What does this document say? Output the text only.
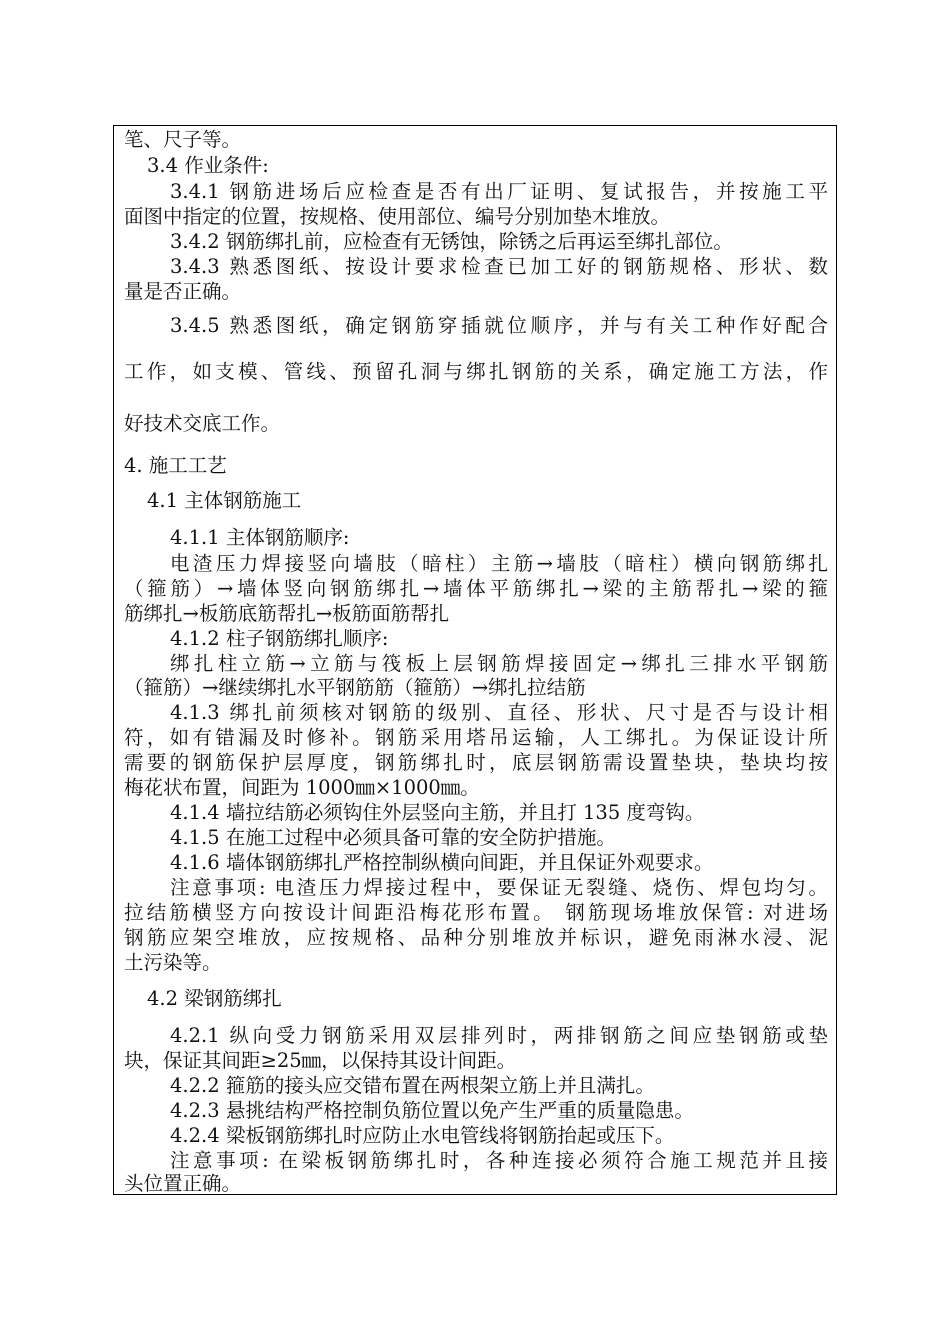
笔、尺子等。
3.4 作业条件:
3.4.1 钢筋进场后应检查是否有出厂证明、复试报告，并按施工平
面图中指定的位置，按规格、使用部位、编号分别加垫木堆放。
3.4.2 钢筋绑扎前，应检查有无锈蚀，除锈之后再运至绑扎部位。
3.4.3 熟悉图纸、按设计要求检查已加工好的钢筋规格、形状、数
量是否正确。
3.4.5 熟悉图纸，确定钢筋穿插就位顺序，并与有关工种作好配合
工作，如支模、管线、预留孔洞与绑扎钢筋的关系，确定施工方法，作
好技术交底工作。
4. 施工工艺
4.1 主体钢筋施工
4.1.1 主体钢筋顺序:
电渣压力焊接竖向墙肢（暗柱）主筋→墙肢（暗柱）横向钢筋绑扎
（箍筋）→墙体竖向钢筋绑扎→墙体平筋绑扎→梁的主筋帮扎→梁的箍
筋绑扎→板筋底筋帮扎→板筋面筋帮扎
4.1.2 柱子钢筋绑扎顺序:
绑扎柱立筋→立筋与筏板上层钢筋焊接固定→绑扎三排水平钢筋
（箍筋）→继续绑扎水平钢筋筋（箍筋）→绑扎拉结筋
4.1.3 绑扎前须核对钢筋的级别、直径、形状、尺寸是否与设计相
符，如有错漏及时修补。钢筋采用塔吊运输，人工绑扎。为保证设计所
需要的钢筋保护层厚度，钢筋绑扎时，底层钢筋需设置垫块，垫块均按
梅花状布置，间距为 1000㎜×1000㎜。
4.1.4 墙拉结筋必须钩住外层竖向主筋，并且打 135 度弯钩。
4.1.5 在施工过程中必须具备可靠的安全防护措施。
4.1.6 墙体钢筋绑扎严格控制纵横向间距，并且保证外观要求。
注意事项: 电渣压力焊接过程中，要保证无裂缝、烧伤、焊包均匀。
拉结筋横竖方向按设计间距沿梅花形布置。 钢筋现场堆放保管: 对进场
钢筋应架空堆放，应按规格、品种分别堆放并标识，避免雨淋水浸、泥
土污染等。
4.2 梁钢筋绑扎
4.2.1 纵向受力钢筋采用双层排列时，两排钢筋之间应垫钢筋或垫
块，保证其间距≥25㎜，以保持其设计间距。
4.2.2 箍筋的接头应交错布置在两根架立筋上并且满扎。
4.2.3 悬挑结构严格控制负筋位置以免产生严重的质量隐患。
4.2.4 梁板钢筋绑扎时应防止水电管线将钢筋抬起或压下。
注意事项: 在梁板钢筋绑扎时，各种连接必须符合施工规范并且接
头位置正确。
